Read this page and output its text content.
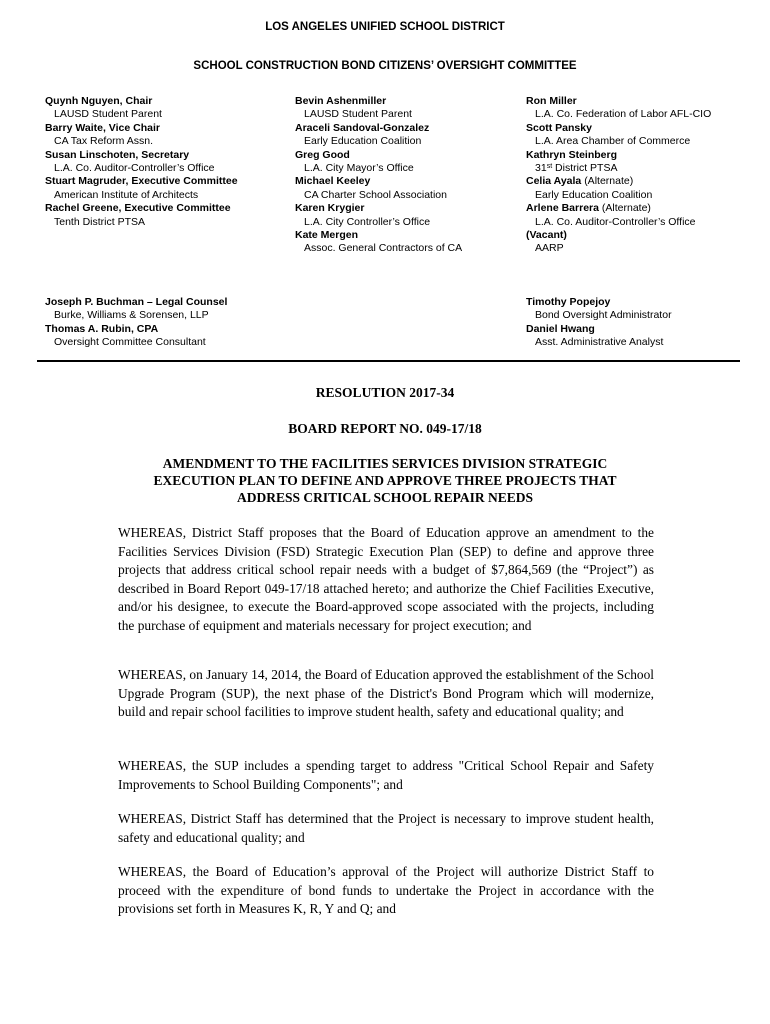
LOS ANGELES UNIFIED SCHOOL DISTRICT
SCHOOL CONSTRUCTION BOND CITIZENS’ OVERSIGHT COMMITTEE
Quynh Nguyen, Chair
LAUSD Student Parent
Barry Waite, Vice Chair
CA Tax Reform Assn.
Susan Linschoten, Secretary
L.A. Co. Auditor-Controller’s Office
Stuart Magruder, Executive Committee
American Institute of Architects
Rachel Greene, Executive Committee
Tenth District PTSA
Bevin Ashenmiller
LAUSD Student Parent
Araceli Sandoval-Gonzalez
Early Education Coalition
Greg Good
L.A. City Mayor’s Office
Michael Keeley
CA Charter School Association
Karen Krygier
L.A. City Controller’s Office
Kate Mergen
Assoc. General Contractors of CA
Ron Miller
L.A. Co. Federation of Labor AFL-CIO
Scott Pansky
L.A. Area Chamber of Commerce
Kathryn Steinberg
31st District PTSA
Celia Ayala (Alternate)
Early Education Coalition
Arlene Barrera (Alternate)
L.A. Co. Auditor-Controller’s Office
(Vacant)
AARP
Joseph P. Buchman – Legal Counsel
Burke, Williams & Sorensen, LLP
Thomas A. Rubin, CPA
Oversight Committee Consultant
Timothy Popejoy
Bond Oversight Administrator
Daniel Hwang
Asst. Administrative Analyst
RESOLUTION 2017-34
BOARD REPORT NO. 049-17/18
AMENDMENT TO THE FACILITIES SERVICES DIVISION STRATEGIC
EXECUTION PLAN TO DEFINE AND APPROVE THREE PROJECTS THAT
ADDRESS CRITICAL SCHOOL REPAIR NEEDS

WHEREAS, District Staff proposes that the Board of Education approve an amendment to the Facilities Services Division (FSD) Strategic Execution Plan (SEP) to define and approve three projects that address critical school repair needs with a budget of $7,864,569 (the “Project”) as described in Board Report 049-17/18 attached hereto; and authorize the Chief Facilities Executive, and/or his designee, to execute the Board-approved scope associated with the projects, including the purchase of equipment and materials necessary for project execution; and

WHEREAS, on January 14, 2014, the Board of Education approved the establishment of the School Upgrade Program (SUP), the next phase of the District's Bond Program which will modernize, build and repair school facilities to improve student health, safety and educational quality; and

WHEREAS, the SUP includes a spending target to address "Critical School Repair and Safety Improvements to School Building Components"; and

WHEREAS, District Staff has determined that the Project is necessary to improve student health, safety and educational quality; and

WHEREAS, the Board of Education’s approval of the Project will authorize District Staff to proceed with the expenditure of bond funds to undertake the Project in accordance with the provisions set forth in Measures K, R, Y and Q; and
